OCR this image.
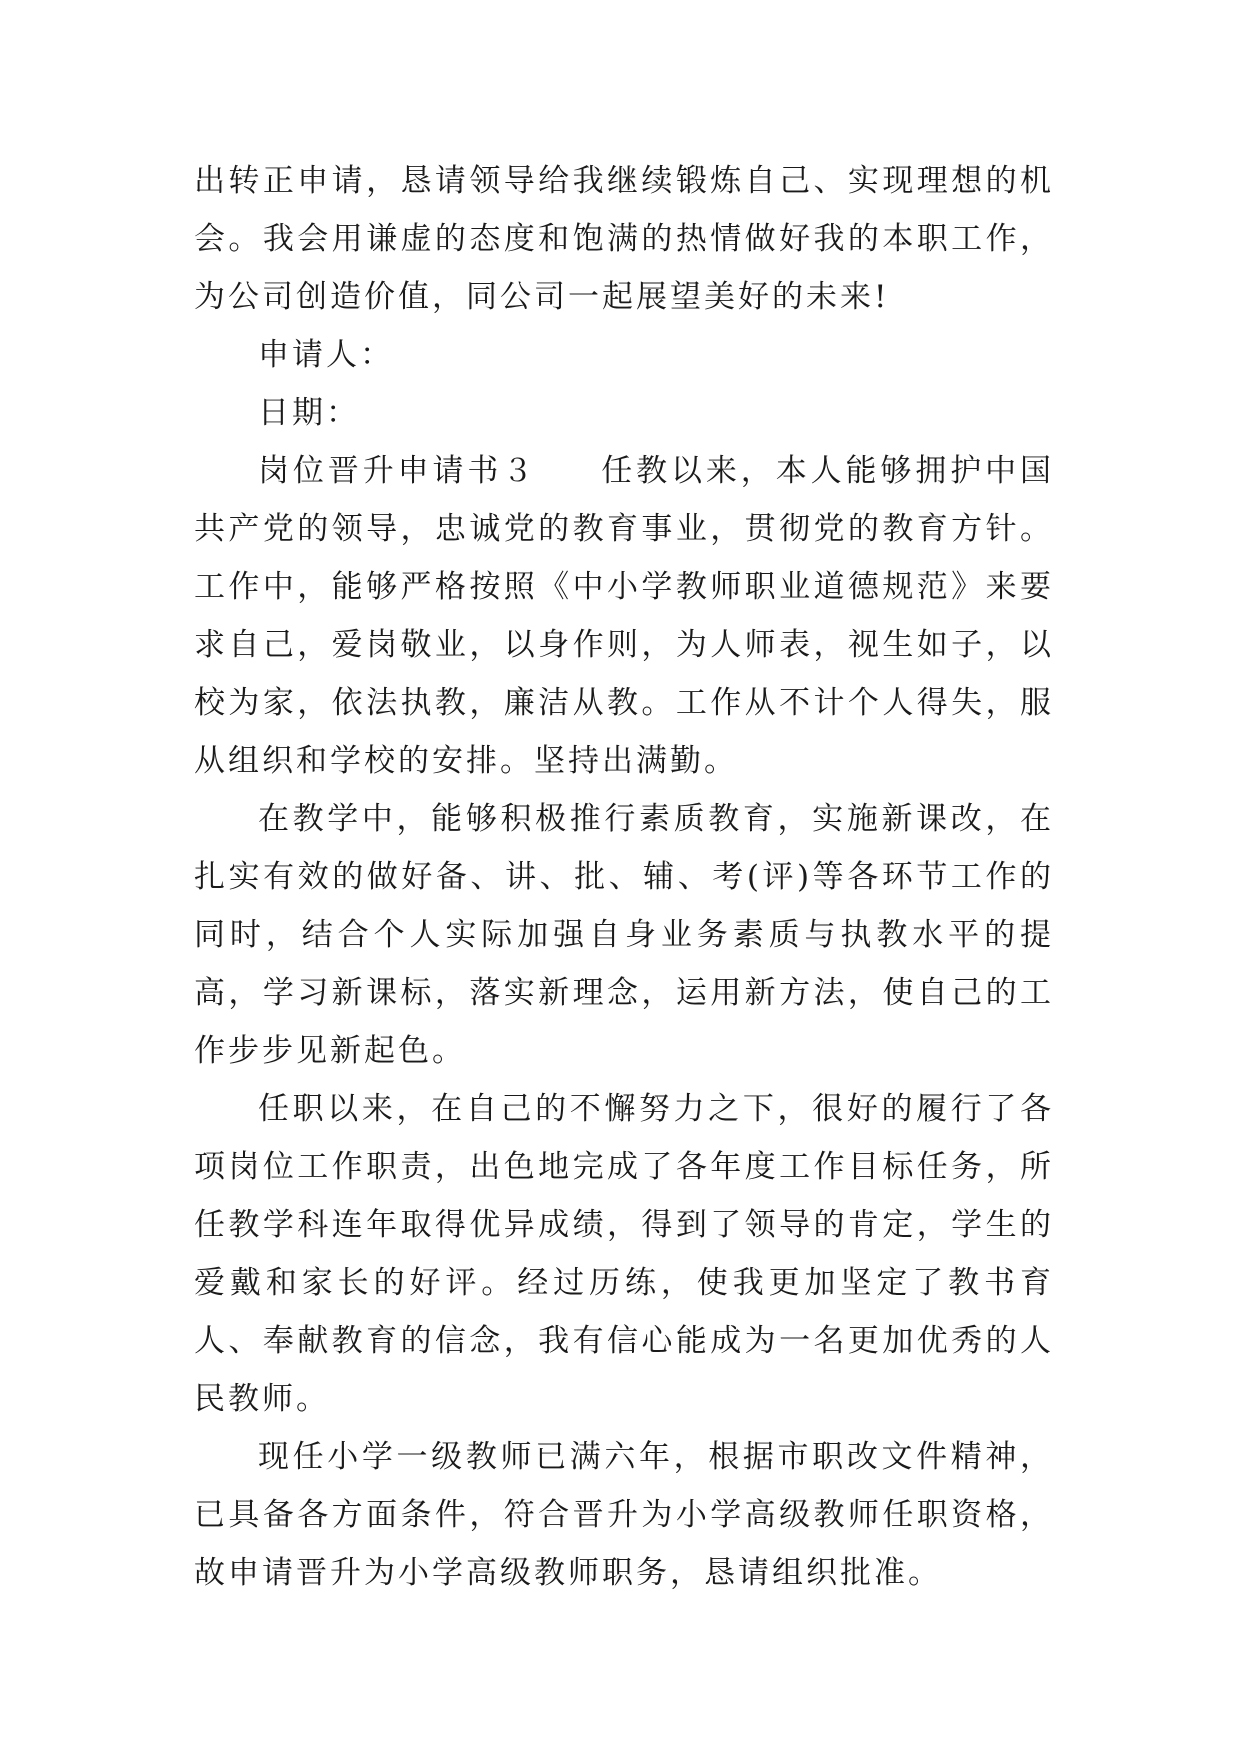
出转正申请，恳请领导给我继续锻炼自己、实现理想的机会。我会用谦虚的态度和饱满的热情做好我的本职工作，为公司创造价值，同公司一起展望美好的未来!

申请人：

日期：

岗位晋升申请书３ 任教以来，本人能够拥护中国共产党的领导，忠诚党的教育事业，贯彻党的教育方针。工作中，能够严格按照《中小学教师职业道德规范》来要求自己，爱岗敬业，以身作则，为人师表，视生如子，以校为家，依法执教，廉洁从教。工作从不计个人得失，服从组织和学校的安排。坚持出满勤。

在教学中，能够积极推行素质教育，实施新课改，在扎实有效的做好备、讲、批、辅、考(评)等各环节工作的同时，结合个人实际加强自身业务素质与执教水平的提高，学习新课标，落实新理念，运用新方法，使自己的工作步步见新起色。

任职以来，在自己的不懈努力之下，很好的履行了各项岗位工作职责，出色地完成了各年度工作目标任务，所任教学科连年取得优异成绩，得到了领导的肯定，学生的爱戴和家长的好评。经过历练，使我更加坚定了教书育人、奉献教育的信念，我有信心能成为一名更加优秀的人民教师。

现任小学一级教师已满六年，根据市职改文件精神，已具备各方面条件，符合晋升为小学高级教师任职资格，故申请晋升为小学高级教师职务，恳请组织批准。
